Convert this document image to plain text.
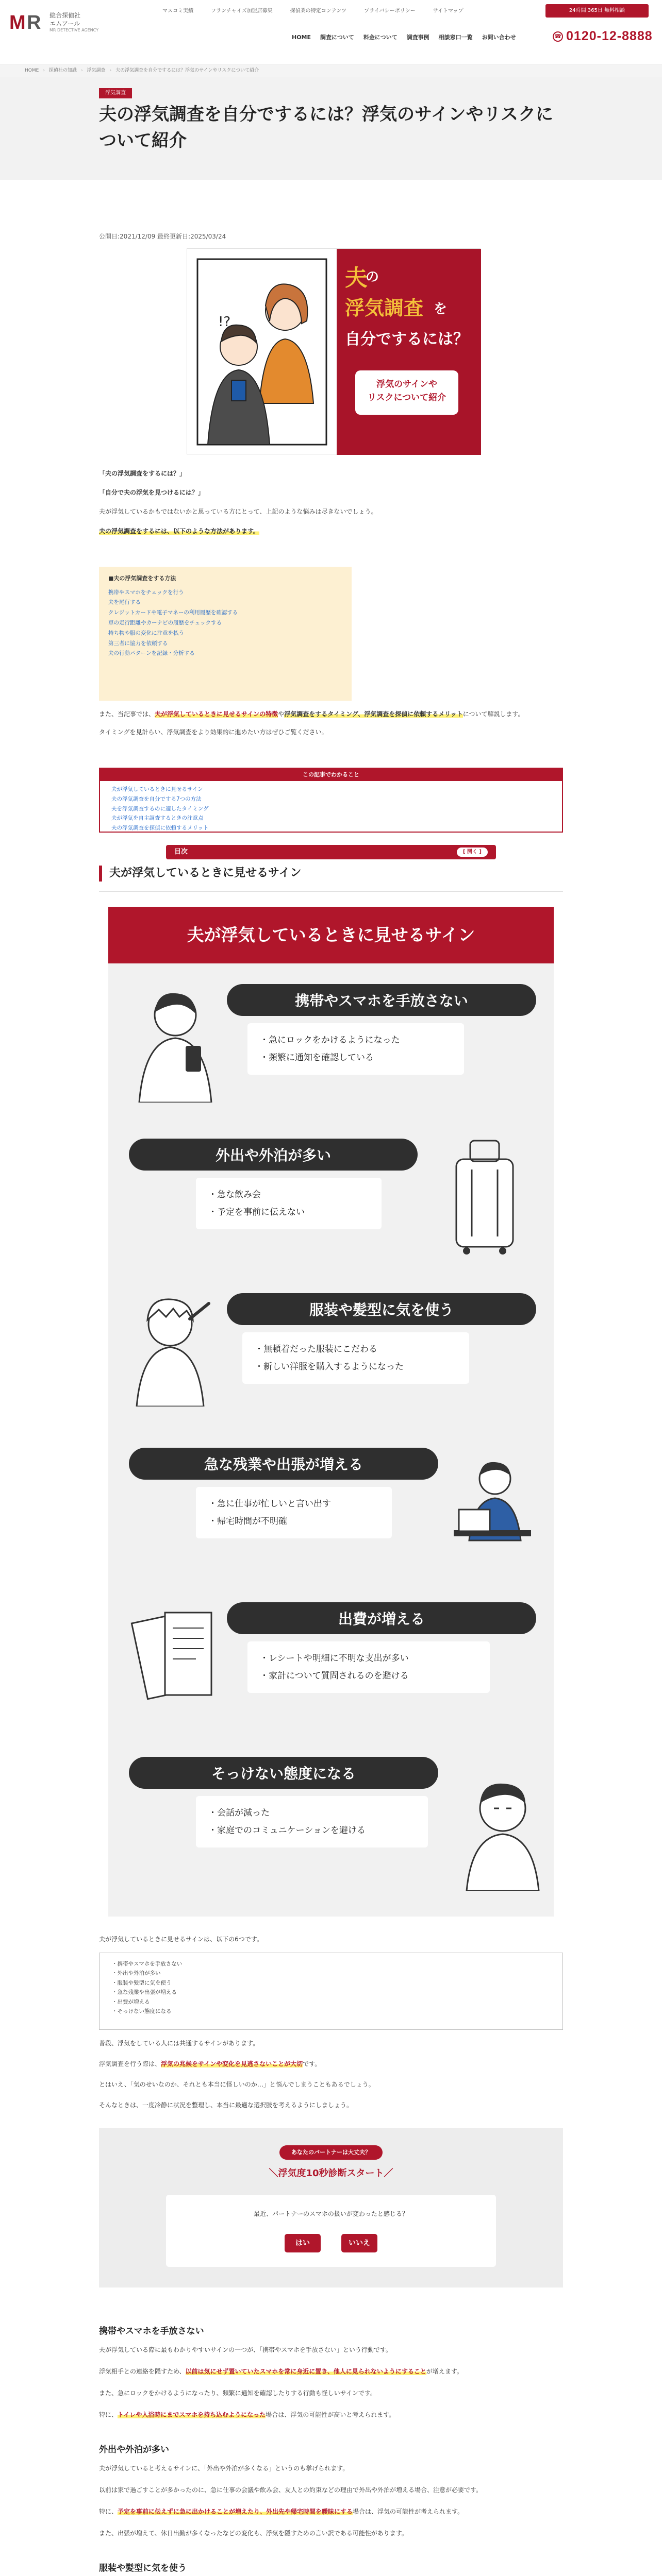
M R 総合探偵社
エムアール
MR DETECTIVE AGENCY
マスコミ実績	フランチャイズ加盟店募集	探偵業の特定コンテンツ	プライバシーポリシー	サイトマップ	24時間 365日 無料相談
HOME 調査について 料金について 調査事例 相談窓口一覧 お問い合わせ	☎ 0120-12-8888
HOME › 探偵社の知識 › 浮気調査 › 夫の浮気調査を自分でするには？浮気のサインやリスクについて紹介
浮気調査
夫の浮気調査を自分でするには？浮気のサインやリスクについて紹介
公開日:2021/12/09 最終更新日:2025/03/24
!?
夫
の
浮気調査 を
自分でするには？
浮気のサインや
リスクについて紹介

「夫の浮気調査をするには？」

「自分で夫の浮気を見つけるには？」

夫が浮気しているかもではないかと思っている方にとって、上記のような悩みは尽きないでしょう。

夫の浮気調査をするには、以下のような方法があります。

■夫の浮気調査をする方法
携帯やスマホをチェックを行う
夫を尾行する
クレジットカードや電子マネーの利用履歴を確認する
車の走行距離やカーナビの履歴をチェックする
持ち物や服の変化に注意を払う
第三者に協力を依頼する
夫の行動パターンを記録・分析する

また、当記事では、夫が浮気しているときに見せるサインの特徴や浮気調査をするタイミング、浮気調査を探偵に依頼するメリットについて解説します。

タイミングを見計らい、浮気調査をより効果的に進めたい方はぜひご覧ください。

この記事でわかること
夫が浮気しているときに見せるサイン
夫の浮気調査を自分でする7つの方法
夫を浮気調査するのに適したタイミング
夫が浮気を自主調査するときの注意点
夫の浮気調査を探偵に依頼するメリット
目次	[ 開く ]
夫が浮気しているときに見せるサイン
夫が浮気しているときに見せるサイン
携帯やスマホを手放さない
・ 急にロックをかけるようになった
・ 頻繁に通知を確認している
外出や外泊が多い
・ 急な飲み会
・ 予定を事前に伝えない
服装や髪型に気を使う
・ 無頓着だった服装にこだわる
・ 新しい洋服を購入するようになった
急な残業や出張が増える
・ 急に仕事が忙しいと言い出す
・ 帰宅時間が不明確
出費が増える
・ レシートや明細に不明な支出が多い
・ 家計について質問されるのを避ける
そっけない態度になる
・ 会話が減った
・ 家庭でのコミュニケーションを避ける
夫が浮気しているときに見せるサインは、以下の6つです。
・ 携帯やスマホを手放さない
・ 外出や外泊が多い
・ 服装や髪型に気を使う
・ 急な残業や出張が増える
・ 出費が増える
・ そっけない態度になる
普段、浮気をしている人には共通するサインがあります。
浮気調査を行う際は、浮気の兆候をサインや変化を見逃さないことが大切です。
とはいえ、「気のせいなのか、それとも本当に怪しいのか…」と悩んでしまうこともあるでしょう。
そんなときは、一度冷静に状況を整理し、本当に最適な選択肢を考えるようにしましょう。
あなたのパートナーは大丈夫？
＼浮気度10秒診断スタート／
最近、パートナーのスマホの扱いが変わったと感じる？
はい	いいえ
携帯やスマホを手放さない
夫が浮気している際に最もわかりやすいサインの一つが、「携帯やスマホを手放さない」という行動です。
浮気相手との連絡を隠すため、以前は気にせず置いていたスマホを常に身近に置き、他人に見られないようにすることが増えます。
また、急にロックをかけるようになったり、頻繁に通知を確認したりする行動も怪しいサインです。
特に、トイレや入浴時にまでスマホを持ち込むようになった場合は、浮気の可能性が高いと考えられます。
外出や外泊が多い
夫が浮気していると考えるサインに、「外出や外泊が多くなる」というのも挙げられます。
以前は家で過ごすことが多かったのに、急に仕事の会議や飲み会、友人との約束などの理由で外出や外泊が増える場合、注意が必要です。
特に、予定を事前に伝えずに急に出かけることが増えたり、外出先や帰宅時間を曖昧にする場合は、浮気の可能性が考えられます。
また、出張が増えて、休日出勤が多くなったなどの変化も、浮気を隠すための言い訳である可能性があります。
服装や髪型に気を使う
